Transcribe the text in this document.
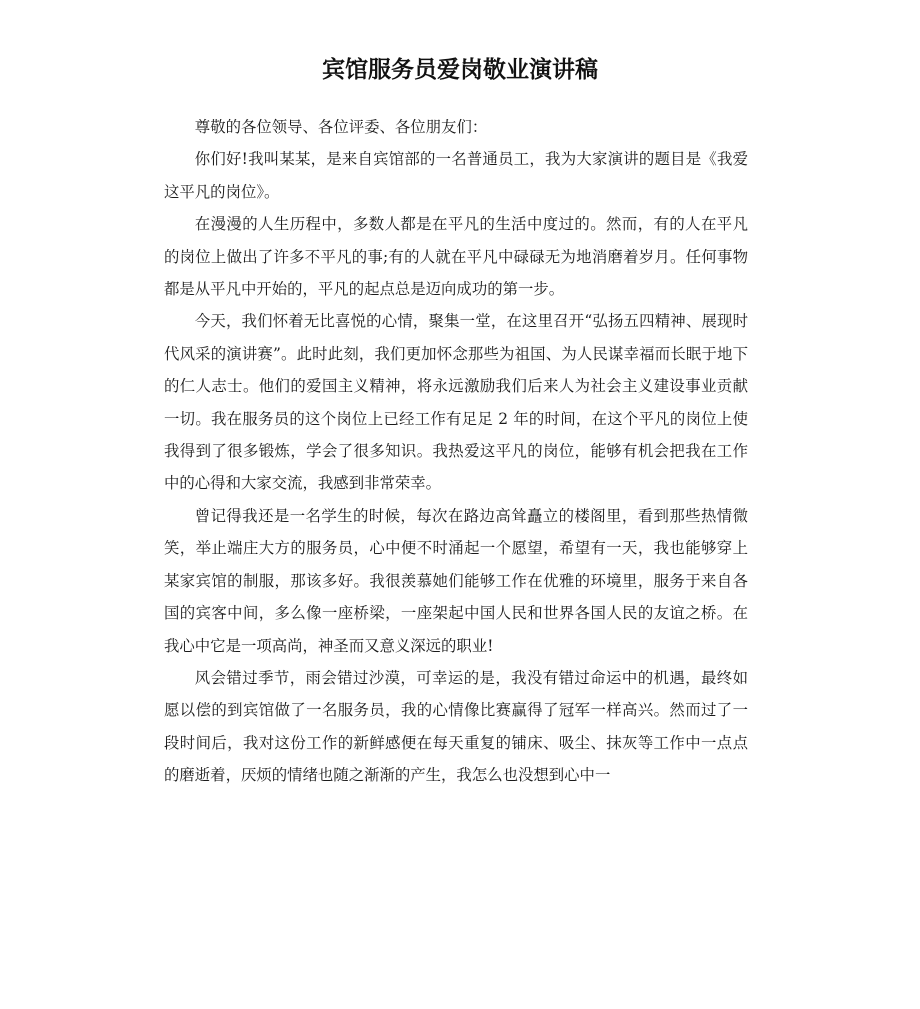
宾馆服务员爱岗敬业演讲稿

尊敬的各位领导、各位评委、各位朋友们：

你们好!我叫某某，是来自宾馆部的一名普通员工，我为大家演讲的题目是《我爱这平凡的岗位》。

在漫漫的人生历程中，多数人都是在平凡的生活中度过的。然而，有的人在平凡的岗位上做出了许多不平凡的事;有的人就在平凡中碌碌无为地消磨着岁月。任何事物都是从平凡中开始的，平凡的起点总是迈向成功的第一步。

今天，我们怀着无比喜悦的心情，聚集一堂，在这里召开“弘扬五四精神、展现时代风采的演讲赛”。此时此刻，我们更加怀念那些为祖国、为人民谋幸福而长眠于地下的仁人志士。他们的爱国主义精神，将永远激励我们后来人为社会主义建设事业贡献一切。我在服务员的这个岗位上已经工作有足足 2 年的时间，在这个平凡的岗位上使我得到了很多锻炼，学会了很多知识。我热爱这平凡的岗位，能够有机会把我在工作中的心得和大家交流，我感到非常荣幸。

曾记得我还是一名学生的时候，每次在路边高耸矗立的楼阁里，看到那些热情微笑，举止端庄大方的服务员，心中便不时涌起一个愿望，希望有一天，我也能够穿上某家宾馆的制服，那该多好。我很羡慕她们能够工作在优雅的环境里，服务于来自各国的宾客中间，多么像一座桥梁，一座架起中国人民和世界各国人民的友谊之桥。在我心中它是一项高尚，神圣而又意义深远的职业!

风会错过季节，雨会错过沙漠，可幸运的是，我没有错过命运中的机遇，最终如愿以偿的到宾馆做了一名服务员，我的心情像比赛赢得了冠军一样高兴。然而过了一段时间后，我对这份工作的新鲜感便在每天重复的铺床、吸尘、抹灰等工作中一点点的磨逝着，厌烦的情绪也随之渐渐的产生，我怎么也没想到心中一
